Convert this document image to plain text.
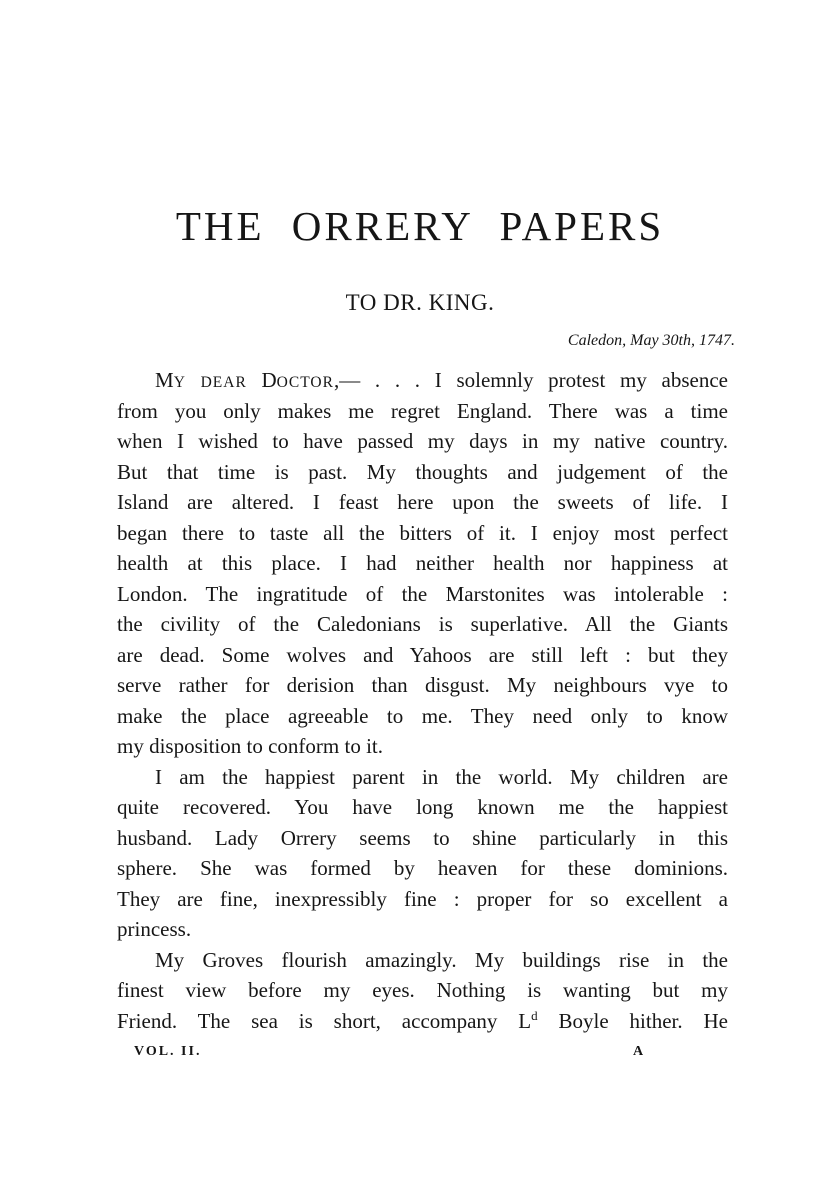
THE ORRERY PAPERS
TO DR. KING.
Caledon, May 30th, 1747.
MY DEAR DOCTOR,— . . . I solemnly protest my absence
from you only makes me regret England. There was a time
when I wished to have passed my days in my native country.
But that time is past. My thoughts and judgement of the
Island are altered. I feast here upon the sweets of life. I
began there to taste all the bitters of it. I enjoy most perfect
health at this place. I had neither health nor happiness at
London. The ingratitude of the Marstonites was intolerable :
the civility of the Caledonians is superlative. All the Giants
are dead. Some wolves and Yahoos are still left : but they
serve rather for derision than disgust. My neighbours vye to
make the place agreeable to me. They need only to know
my disposition to conform to it.
I am the happiest parent in the world. My children are
quite recovered. You have long known me the happiest
husband. Lady Orrery seems to shine particularly in this
sphere. She was formed by heaven for these dominions.
They are fine, inexpressibly fine : proper for so excellent a
princess.
My Groves flourish amazingly. My buildings rise in the
finest view before my eyes. Nothing is wanting but my
Friend. The sea is short, accompany $L^d$ Boyle hither. He
VOL. II.	A
